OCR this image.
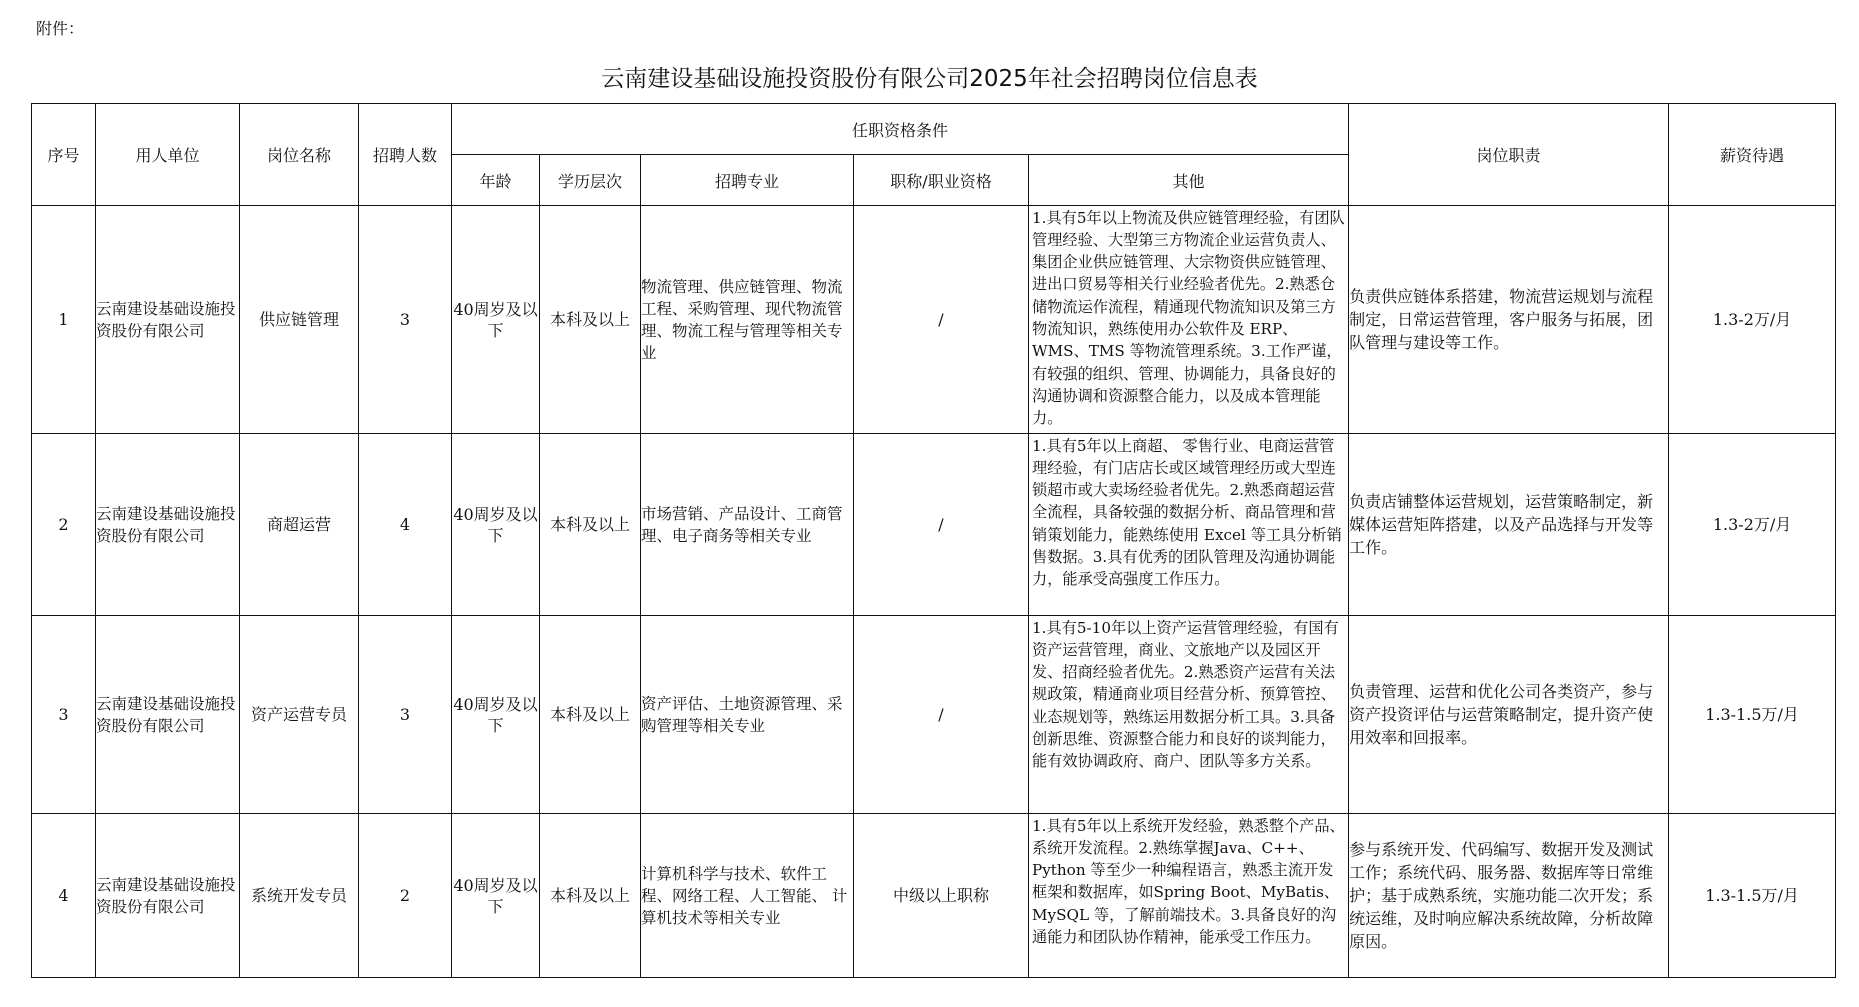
附件：
云南建设基础设施投资股份有限公司2025年社会招聘岗位信息表
序号	用人单位	岗位名称	招聘人数	任职资格条件					岗位职责	薪资待遇
				年龄	学历层次	招聘专业	职称/职业资格	其他		
1	云南建设基础设施投资股份有限公司	供应链管理	3	40周岁及以下	本科及以上	物流管理、供应链管理、物流工程、采购管理、现代物流管理、物流工程与管理等相关专业	/	1.具有5年以上物流及供应链管理经验，有团队管理经验、大型第三方物流企业运营负责人、集团企业供应链管理、大宗物资供应链管理、进出口贸易等相关行业经验者优先。2.熟悉仓储物流运作流程，精通现代物流知识及第三方物流知识，熟练使用办公软件及 ERP、WMS、TMS 等物流管理系统。3.工作严谨，有较强的组织、管理、协调能力，具备良好的沟通协调和资源整合能力，以及成本管理能力。	负责供应链体系搭建，物流营运规划与流程制定，日常运营管理，客户服务与拓展，团队管理与建设等工作。	1.3-2万/月
2	云南建设基础设施投资股份有限公司	商超运营	4	40周岁及以下	本科及以上	市场营销、产品设计、工商管理、电子商务等相关专业	/	1.具有5年以上商超、 零售行业、电商运营管理经验，有门店店长或区域管理经历或大型连锁超市或大卖场经验者优先。2.熟悉商超运营全流程，具备较强的数据分析、商品管理和营销策划能力，能熟练使用 Excel 等工具分析销售数据。3.具有优秀的团队管理及沟通协调能力，能承受高强度工作压力。	负责店铺整体运营规划，运营策略制定，新媒体运营矩阵搭建，以及产品选择与开发等工作。	1.3-2万/月
3	云南建设基础设施投资股份有限公司	资产运营专员	3	40周岁及以下	本科及以上	资产评估、土地资源管理、采购管理等相关专业	/	1.具有5-10年以上资产运营管理经验，有国有资产运营管理，商业、文旅地产以及园区开发、招商经验者优先。2.熟悉资产运营有关法规政策，精通商业项目经营分析、预算管控、业态规划等，熟练运用数据分析工具。3.具备创新思维、资源整合能力和良好的谈判能力，能有效协调政府、商户、团队等多方关系。	负责管理、运营和优化公司各类资产，参与资产投资评估与运营策略制定，提升资产使用效率和回报率。	1.3-1.5万/月
4	云南建设基础设施投资股份有限公司	系统开发专员	2	40周岁及以下	本科及以上	计算机科学与技术、软件工程、网络工程、人工智能、 计算机技术等相关专业	中级以上职称	1.具有5年以上系统开发经验，熟悉整个产品、 系统开发流程。2.熟练掌握Java、C++、Python 等至少一种编程语言，熟悉主流开发框架和数据库，如Spring Boot、MyBatis、MySQL 等，了解前端技术。3.具备良好的沟通能力和团队协作精神，能承受工作压力。	参与系统开发、代码编写、数据开发及测试工作；系统代码、服务器、数据库等日常维护；基于成熟系统，实施功能二次开发；系统运维，及时响应解决系统故障，分析故障原因。	1.3-1.5万/月
